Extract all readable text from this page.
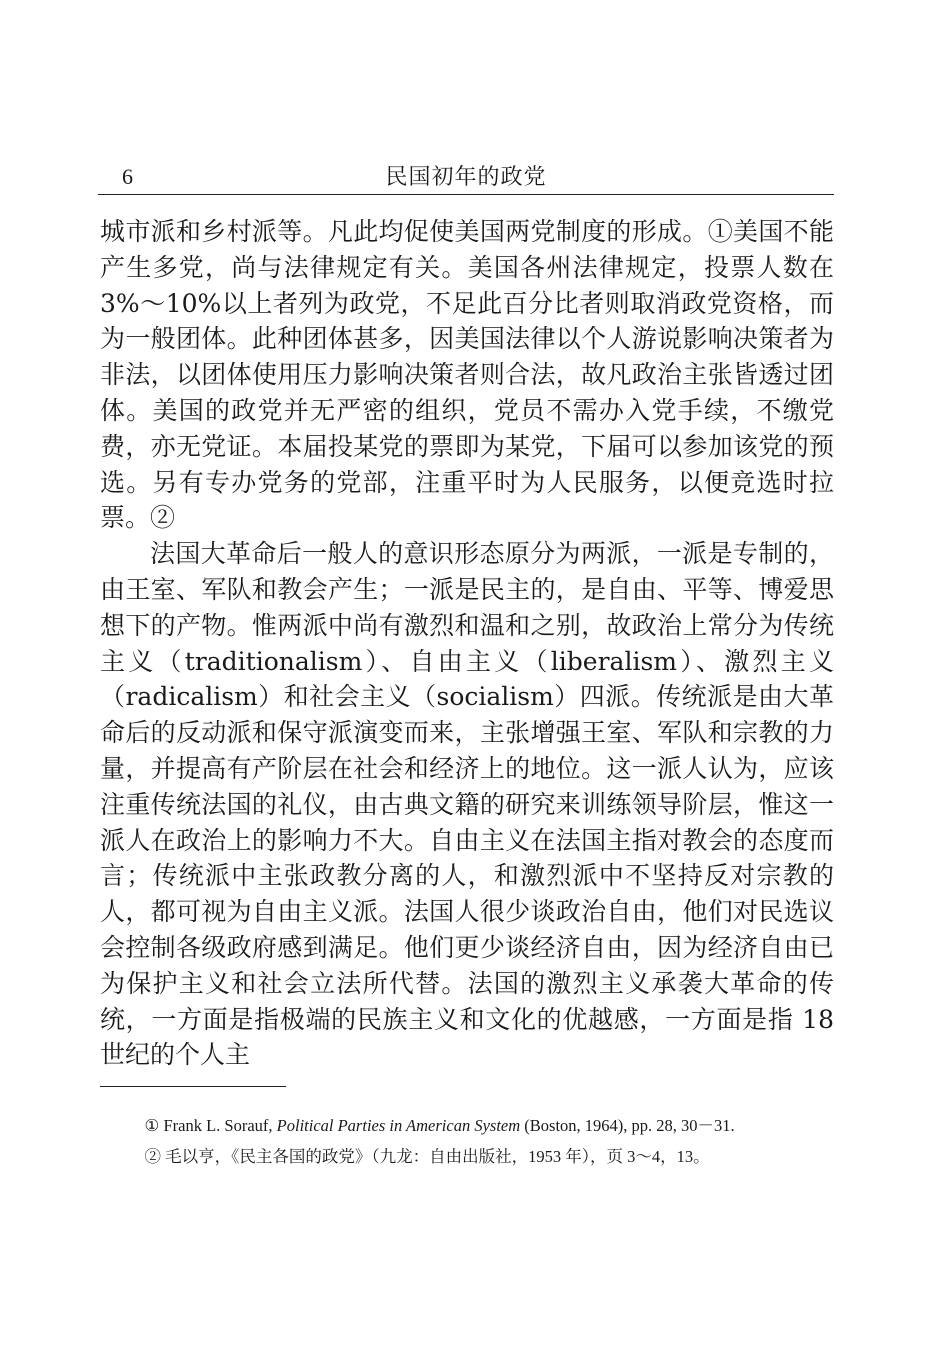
6	民国初年的政党

城市派和乡村派等。凡此均促使美国两党制度的形成。①美国不能产生多党，尚与法律规定有关。美国各州法律规定，投票人数在3%～10%以上者列为政党，不足此百分比者则取消政党资格，而为一般团体。此种团体甚多，因美国法律以个人游说影响决策者为非法，以团体使用压力影响决策者则合法，故凡政治主张皆透过团体。美国的政党并无严密的组织，党员不需办入党手续，不缴党费，亦无党证。本届投某党的票即为某党，下届可以参加该党的预选。另有专办党务的党部，注重平时为人民服务，以便竞选时拉票。②

法国大革命后一般人的意识形态原分为两派，一派是专制的，由王室、军队和教会产生；一派是民主的，是自由、平等、博爱思想下的产物。惟两派中尚有激烈和温和之别，故政治上常分为传统主义（traditionalism）、自由主义（liberalism）、激烈主义（radicalism）和社会主义（socialism）四派。传统派是由大革命后的反动派和保守派演变而来，主张增强王室、军队和宗教的力量，并提高有产阶层在社会和经济上的地位。这一派人认为，应该注重传统法国的礼仪，由古典文籍的研究来训练领导阶层，惟这一派人在政治上的影响力不大。自由主义在法国主指对教会的态度而言；传统派中主张政教分离的人，和激烈派中不坚持反对宗教的人，都可视为自由主义派。法国人很少谈政治自由，他们对民选议会控制各级政府感到满足。他们更少谈经济自由，因为经济自由已为保护主义和社会立法所代替。法国的激烈主义承袭大革命的传统，一方面是指极端的民族主义和文化的优越感，一方面是指 18 世纪的个人主

① Frank L. Sorauf, Political Parties in American System (Boston, 1964), pp. 28, 30－31.

② 毛以亨，《民主各国的政党》（九龙：自由出版社，1953 年），页 3～4，13。
